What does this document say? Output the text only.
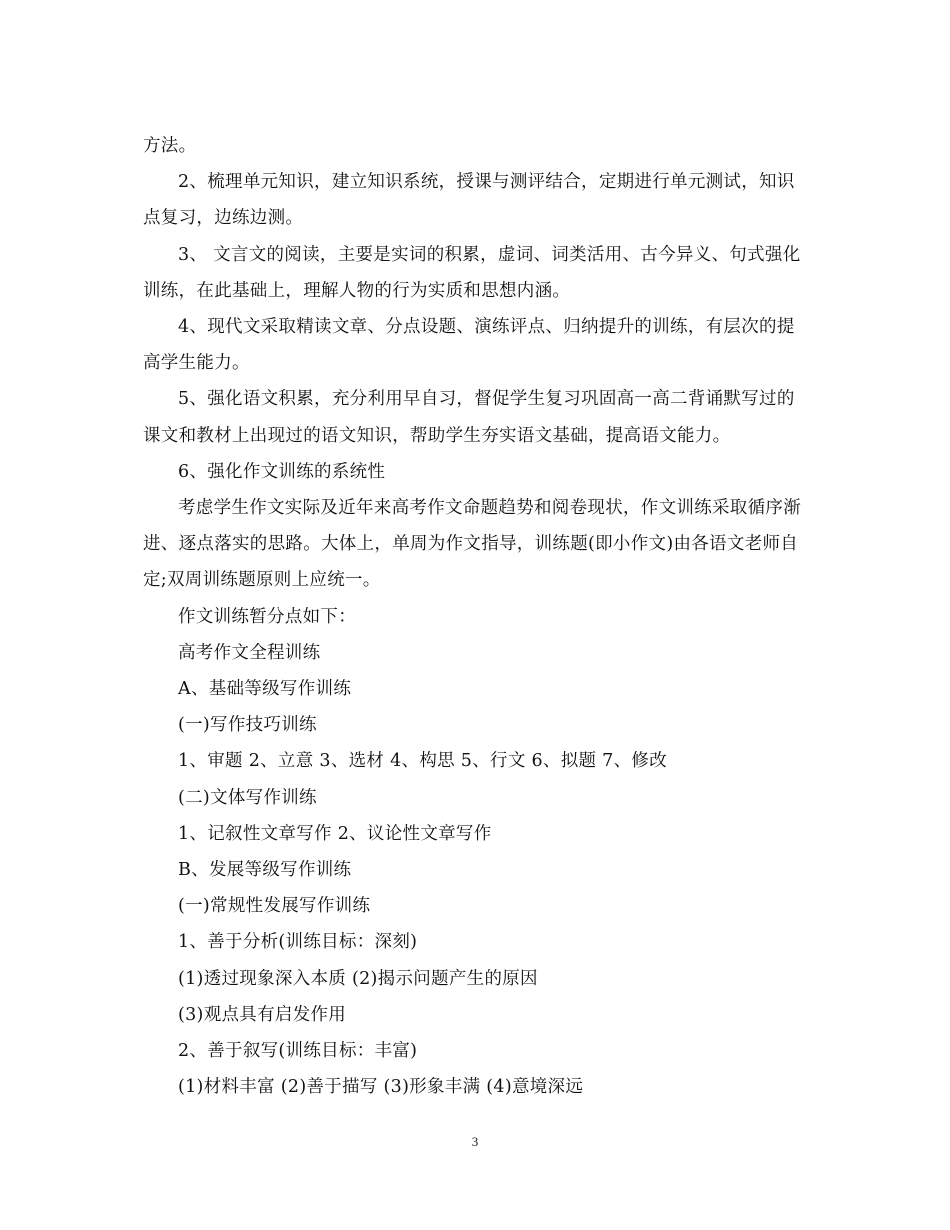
方法。

2、梳理单元知识，建立知识系统，授课与测评结合，定期进行单元测试，知识点复习，边练边测。

3、 文言文的阅读，主要是实词的积累，虚词、词类活用、古今异义、句式强化训练，在此基础上，理解人物的行为实质和思想内涵。

4、现代文采取精读文章、分点设题、演练评点、归纳提升的训练，有层次的提高学生能力。

5、强化语文积累，充分利用早自习，督促学生复习巩固高一高二背诵默写过的课文和教材上出现过的语文知识，帮助学生夯实语文基础，提高语文能力。

6、强化作文训练的系统性

考虑学生作文实际及近年来高考作文命题趋势和阅卷现状，作文训练采取循序渐进、逐点落实的思路。大体上，单周为作文指导，训练题(即小作文)由各语文老师自定;双周训练题原则上应统一。

作文训练暂分点如下：

高考作文全程训练

A、基础等级写作训练

(一)写作技巧训练

1、审题 2、立意 3、选材 4、构思 5、行文 6、拟题 7、修改

(二)文体写作训练

1、记叙性文章写作 2、议论性文章写作

B、发展等级写作训练

(一)常规性发展写作训练

1、善于分析(训练目标：深刻)

(1)透过现象深入本质 (2)揭示问题产生的原因

(3)观点具有启发作用

2、善于叙写(训练目标：丰富)

(1)材料丰富 (2)善于描写 (3)形象丰满 (4)意境深远

3
